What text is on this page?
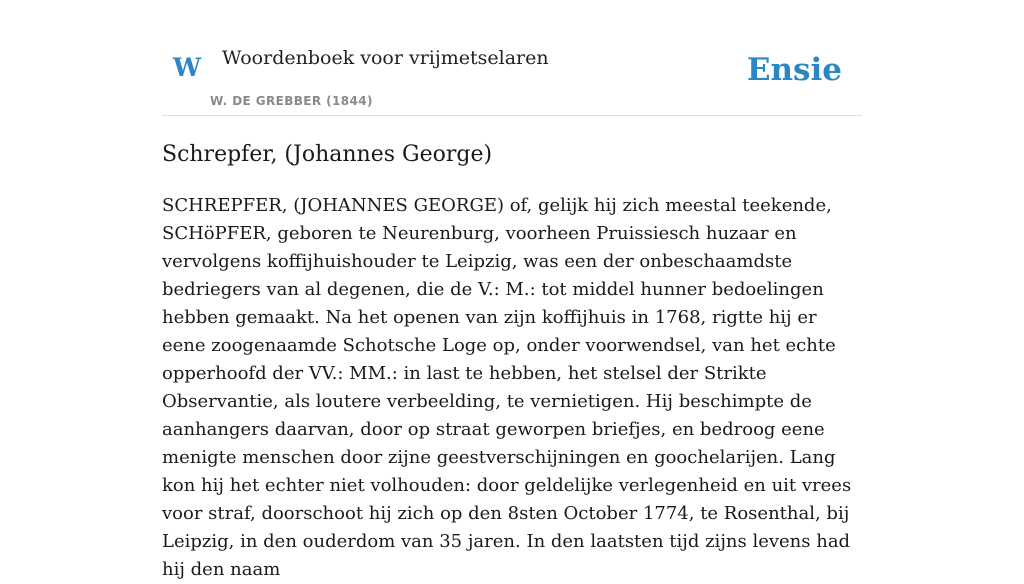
W Woordenboek voor vrijmetselaren
W. DE GREBBER (1844)
Ensie
Schrepfer, (Johannes George)

SCHREPFER, (JOHANNES GEORGE) of, gelijk hij zich meestal teekende, SCHöPFER, geboren te Neurenburg, voorheen Pruissiesch huzaar en vervolgens koffijhuishouder te Leipzig, was een der onbeschaamdste bedriegers van al degenen, die de V.: M.: tot middel hunner bedoelingen hebben gemaakt. Na het openen van zijn koffijhuis in 1768, rigtte hij er eene zoogenaamde Schotsche Loge op, onder voorwendsel, van het echte opperhoofd der VV.: MM.: in last te hebben, het stelsel der Strikte Observantie, als loutere verbeelding, te vernietigen. Hij beschimpte de aanhangers daarvan, door op straat geworpen briefjes, en bedroog eene menigte menschen door zijne geestverschijningen en goochelarijen. Lang kon hij het echter niet volhouden: door geldelijke verlegenheid en uit vrees voor straf, doorschoot hij zich op den 8sten October 1774, te Rosenthal, bij Leipzig, in den ouderdom van 35 jaren. In den laatsten tijd zijns levens had hij den naam
